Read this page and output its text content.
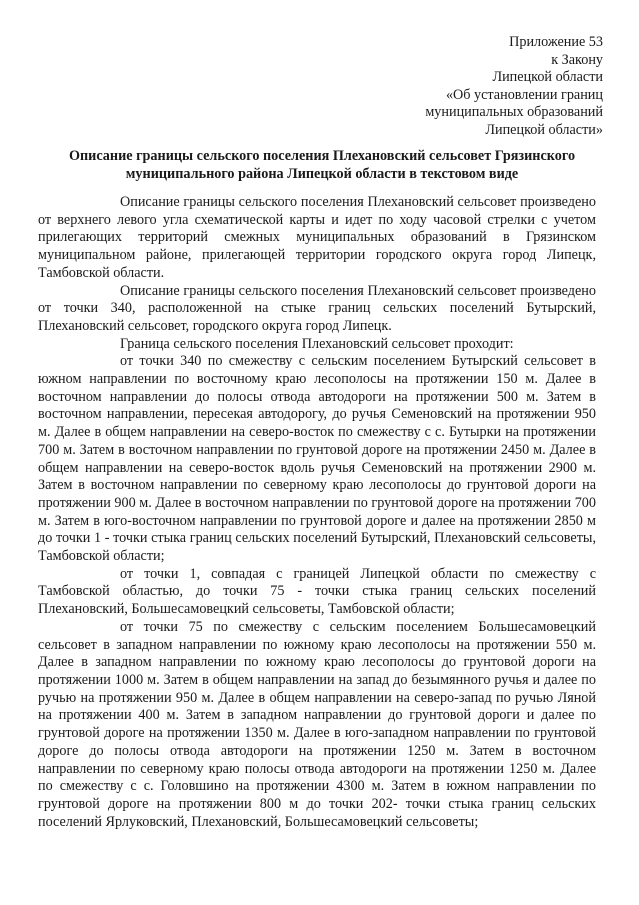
Приложение 53
к Закону
Липецкой области
«Об установлении границ
муниципальных образований
Липецкой области»
Описание границы сельского поселения Плехановский сельсовет Грязинского муниципального района Липецкой области в текстовом виде

Описание границы сельского поселения Плехановский сельсовет произведено от верхнего левого угла схематической карты и идет по ходу часовой стрелки с учетом прилегающих территорий смежных муниципальных образований в Грязинском муниципальном районе, прилегающей территории городского округа город Липецк, Тамбовской области.

Описание границы сельского поселения Плехановский сельсовет произведено от точки 340, расположенной на стыке границ сельских поселений Бутырский, Плехановский сельсовет, городского округа город Липецк.

Граница сельского поселения Плехановский сельсовет проходит:

от точки 340 по смежеству с сельским поселением Бутырский сельсовет в южном направлении по восточному краю лесополосы на протяжении 150 м. Далее в восточном направлении до полосы отвода автодороги на протяжении 500 м. Затем в восточном направлении, пересекая автодорогу, до ручья Семеновский на протяжении 950 м. Далее в общем направлении на северо-восток по смежеству с с. Бутырки на протяжении 700 м. Затем в восточном направлении по грунтовой дороге на протяжении 2450 м. Далее в общем направлении на северо-восток вдоль ручья Семеновский на протяжении 2900 м. Затем в восточном направлении по северному краю лесополосы до грунтовой дороги на протяжении 900 м. Далее в восточном направлении по грунтовой дороге на протяжении 700 м. Затем в юго-восточном направлении по грунтовой дороге и далее на протяжении 2850 м до точки 1 - точки стыка границ сельских поселений Бутырский, Плехановский сельсоветы, Тамбовской области;

от точки 1, совпадая с границей Липецкой области по смежеству с Тамбовской областью, до точки 75 - точки стыка границ сельских поселений Плехановский, Большесамовецкий сельсоветы, Тамбовской области;

от точки 75 по смежеству с сельским поселением Большесамовецкий сельсовет в западном направлении по южному краю лесополосы на протяжении 550 м. Далее в западном направлении по южному краю лесополосы до грунтовой дороги на протяжении 1000 м. Затем в общем направлении на запад до безымянного ручья и далее по ручью на протяжении 950 м. Далее в общем направлении на северо-запад по ручью Ляной на протяжении 400 м. Затем в западном направлении до грунтовой дороги и далее по грунтовой дороге на протяжении 1350 м. Далее в юго-западном направлении по грунтовой дороге до полосы отвода автодороги на протяжении 1250 м. Затем в восточном направлении по северному краю полосы отвода автодороги на протяжении 1250 м. Далее по смежеству с с. Головшино на протяжении 4300 м. Затем в южном направлении по грунтовой дороге на протяжении 800 м до точки 202- точки стыка границ сельских поселений Ярлуковский, Плехановский, Большесамовецкий сельсоветы;
